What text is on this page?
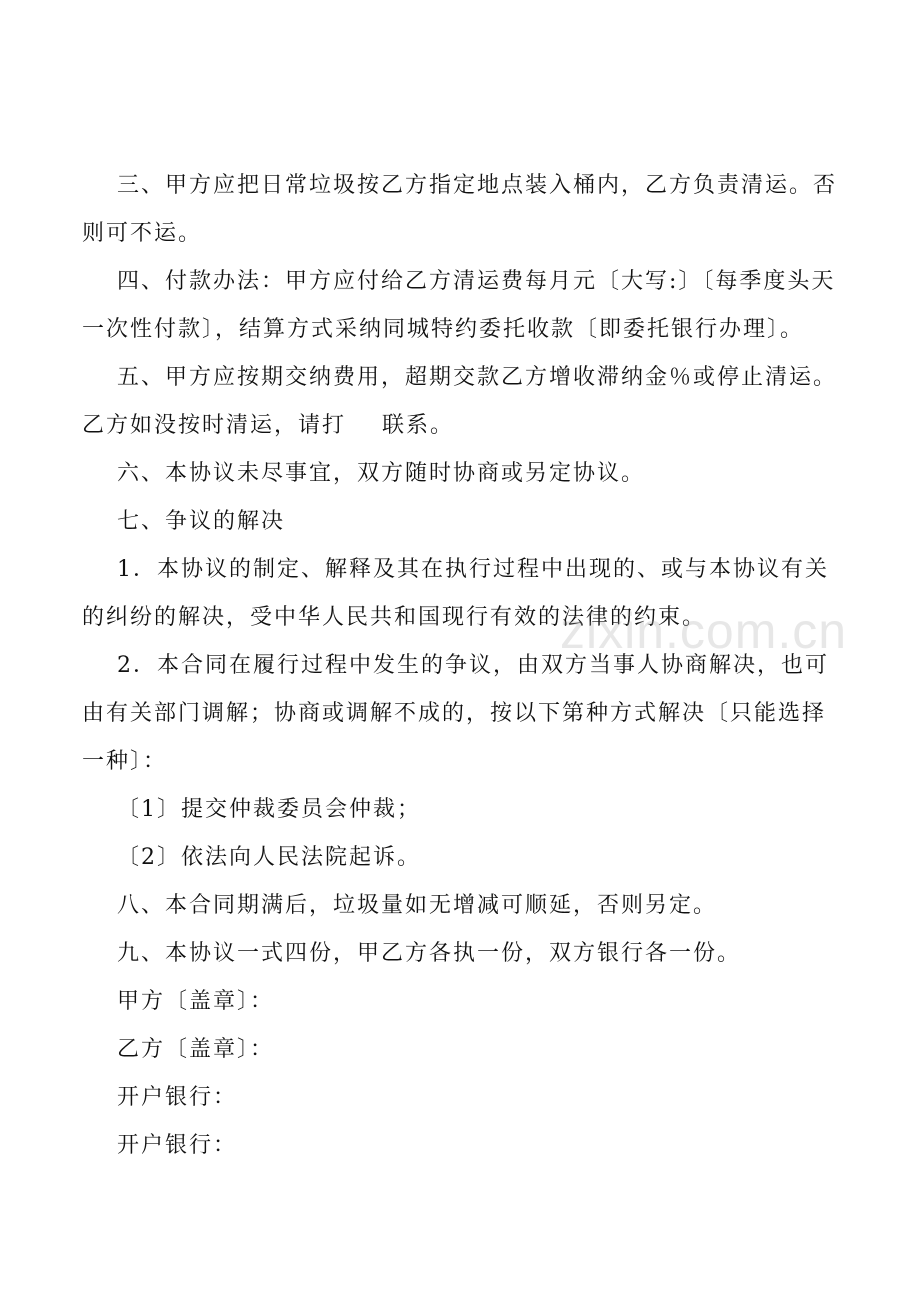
三、甲方应把日常垃圾按乙方指定地点装入桶内，乙方负责清运。否则可不运。

四、付款办法：甲方应付给乙方清运费每月元〔大写:〕〔每季度头天一次性付款〕，结算方式采纳同城特约委托收款〔即委托银行办理〕。

五、甲方应按期交纳费用，超期交款乙方增收滞纳金％或停止清运。乙方如没按时清运，请打    联系。

六、本协议未尽事宜，双方随时协商或另定协议。

七、争议的解决

1．本协议的制定、解释及其在执行过程中出现的、或与本协议有关的纠纷的解决，受中华人民共和国现行有效的法律的约束。

2．本合同在履行过程中发生的争议，由双方当事人协商解决，也可由有关部门调解；协商或调解不成的，按以下第种方式解决〔只能选择一种〕：

〔1〕提交仲裁委员会仲裁；

〔2〕依法向人民法院起诉。

八、本合同期满后，垃圾量如无增减可顺延，否则另定。

九、本协议一式四份，甲乙方各执一份，双方银行各一份。

甲方〔盖章〕：

乙方〔盖章〕：

开户银行：

开户银行：

zixin.com.cn
